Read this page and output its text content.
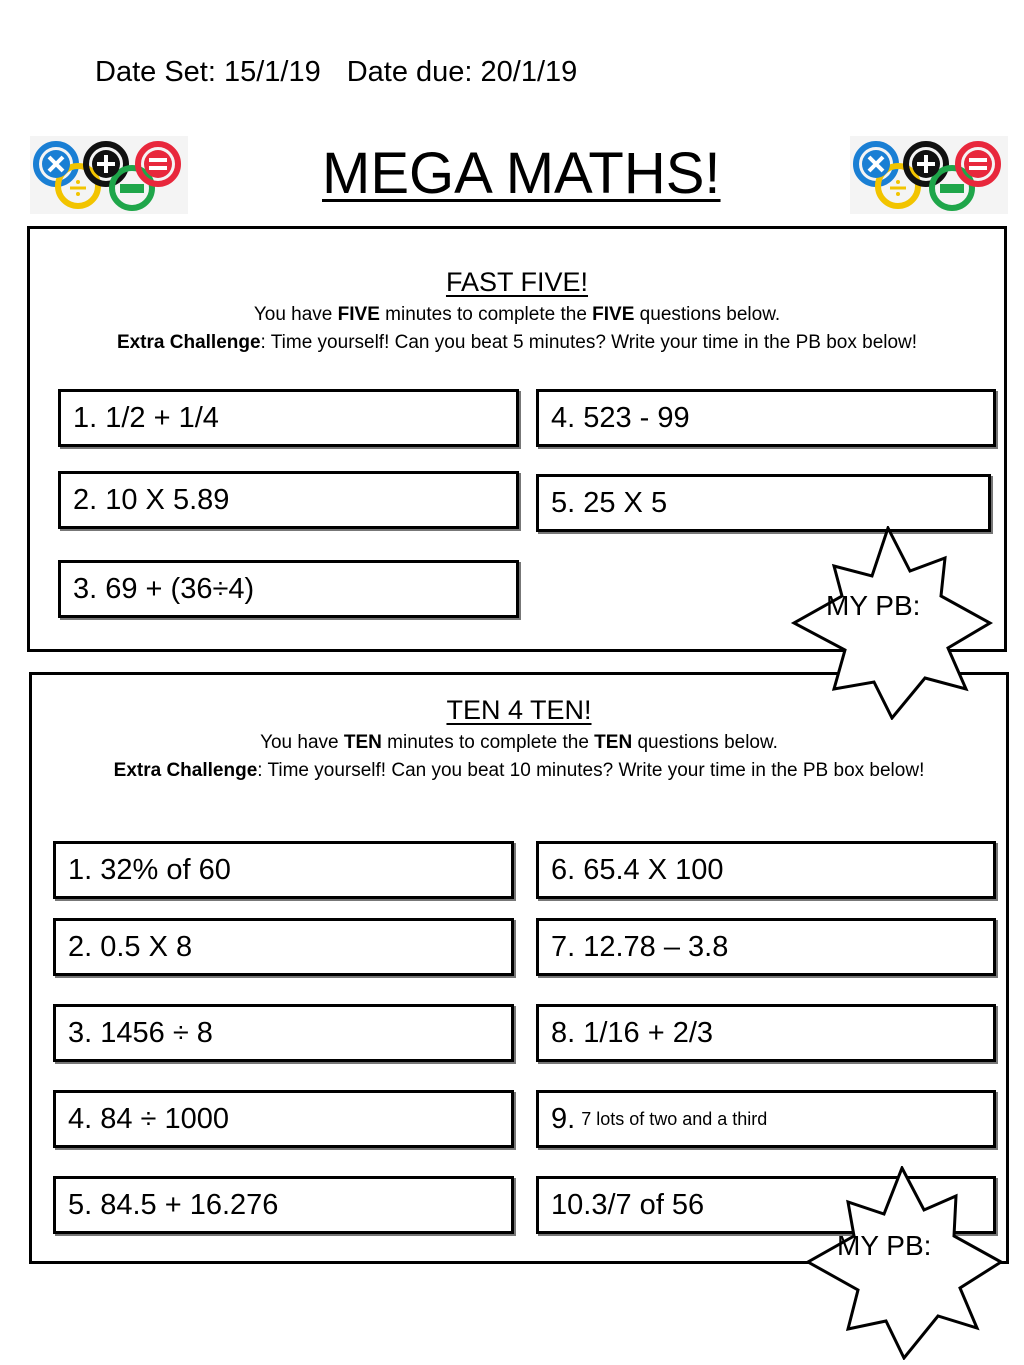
Date Set: 15/1/19 Date due: 20/1/19
MEGA MATHS!
FAST FIVE!
You have FIVE minutes to complete the FIVE questions below.
Extra Challenge: Time yourself! Can you beat 5 minutes? Write your time in the PB box below!
1. 1/2 + 1/4
2. 10 X 5.89
3. 69 + (36÷4)
4. 523 - 99
5. 25 X 5
TEN 4 TEN!
You have TEN minutes to complete the TEN questions below.
Extra Challenge: Time yourself! Can you beat 10 minutes? Write your time in the PB box below!
1. 32% of 60
2. 0.5 X 8
3. 1456 ÷ 8
4. 84 ÷ 1000
5. 84.5 + 16.276
6. 65.4 X 100
7. 12.78 – 3.8
8. 1/16 + 2/3
9. 7 lots of two and a third
10.3/7 of 56
MY PB:
MY PB:
